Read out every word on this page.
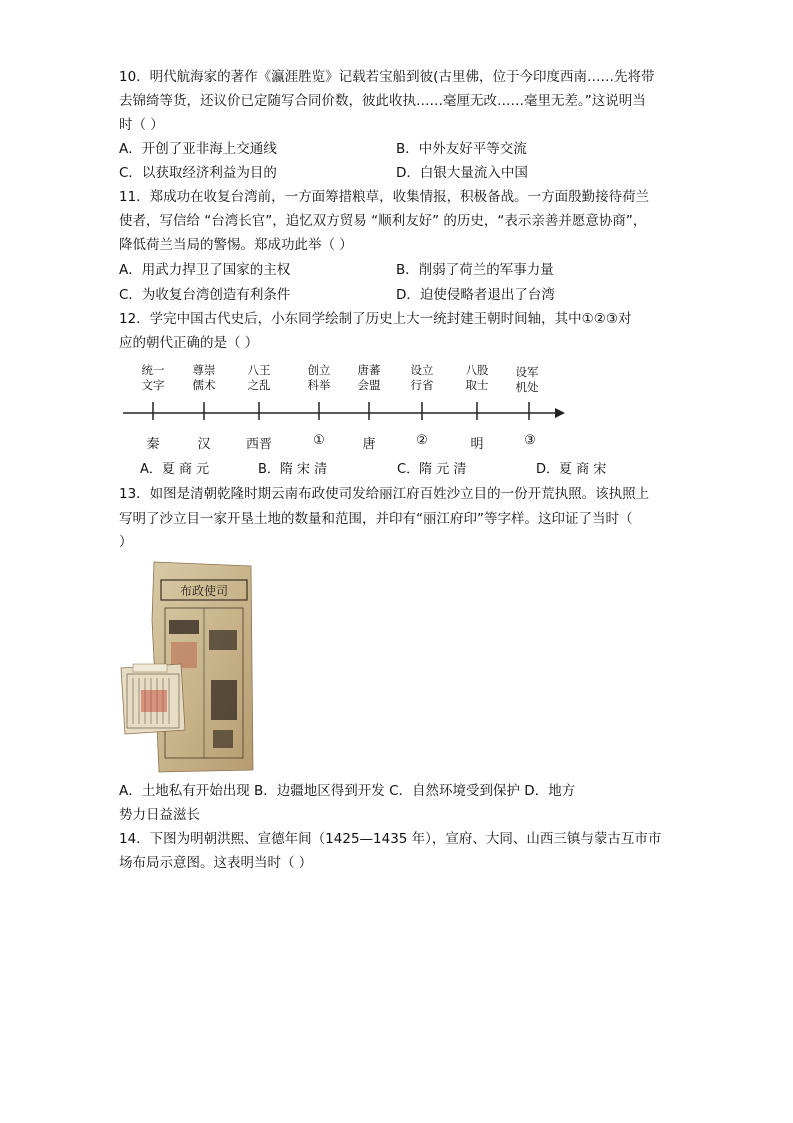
10．明代航海家的著作《瀛涯胜览》记载若宝船到彼(古里佛，位于今印度西南……先将带
去锦绮等货，还议价已定随写合同价数，彼此收执……毫厘无改……毫里无差。”这说明当
时（ ）
A．开创了亚非海上交通线	B．中外友好平等交流
C．以获取经济利益为目的	D．白银大量流入中国
11．郑成功在收复台湾前，一方面筹措粮草，收集情报，积极备战。一方面殷勤接待荷兰
使者，写信给 “台湾长官”，追忆双方贸易 “顺利友好” 的历史，“表示亲善并愿意协商”，
降低荷兰当局的警惕。郑成功此举（ ）
A．用武力捍卫了国家的主权	B．削弱了荷兰的军事力量
C．为收复台湾创造有利条件	D．迫使侵略者退出了台湾
12．学完中国古代史后，小东同学绘制了历史上大一统封建王朝时间轴，其中①②③对
应的朝代正确的是（ ）
统一
文字
尊崇
儒术
八王
之乱
创立
科举
唐蕃
会盟
设立
行省
八股
取士
设军
机处
秦	汉	西晋	①	唐	②	明	③
A．夏 商 元	B．隋 宋 清	C．隋 元 清	D．夏 商 宋
13．如图是清朝乾隆时期云南布政使司发给丽江府百姓沙立目的一份开荒执照。该执照上
写明了沙立目一家开垦土地的数量和范围，并印有“丽江府印”等字样。这印证了当时（
）
布政使司
A．土地私有开始出现 B．边疆地区得到开发 C．自然环境受到保护 D．地方
势力日益滋长
14．下图为明朝洪熙、宣德年间（1425—1435 年），宣府、大同、山西三镇与蒙古互市市
场布局示意图。这表明当时（ ）
